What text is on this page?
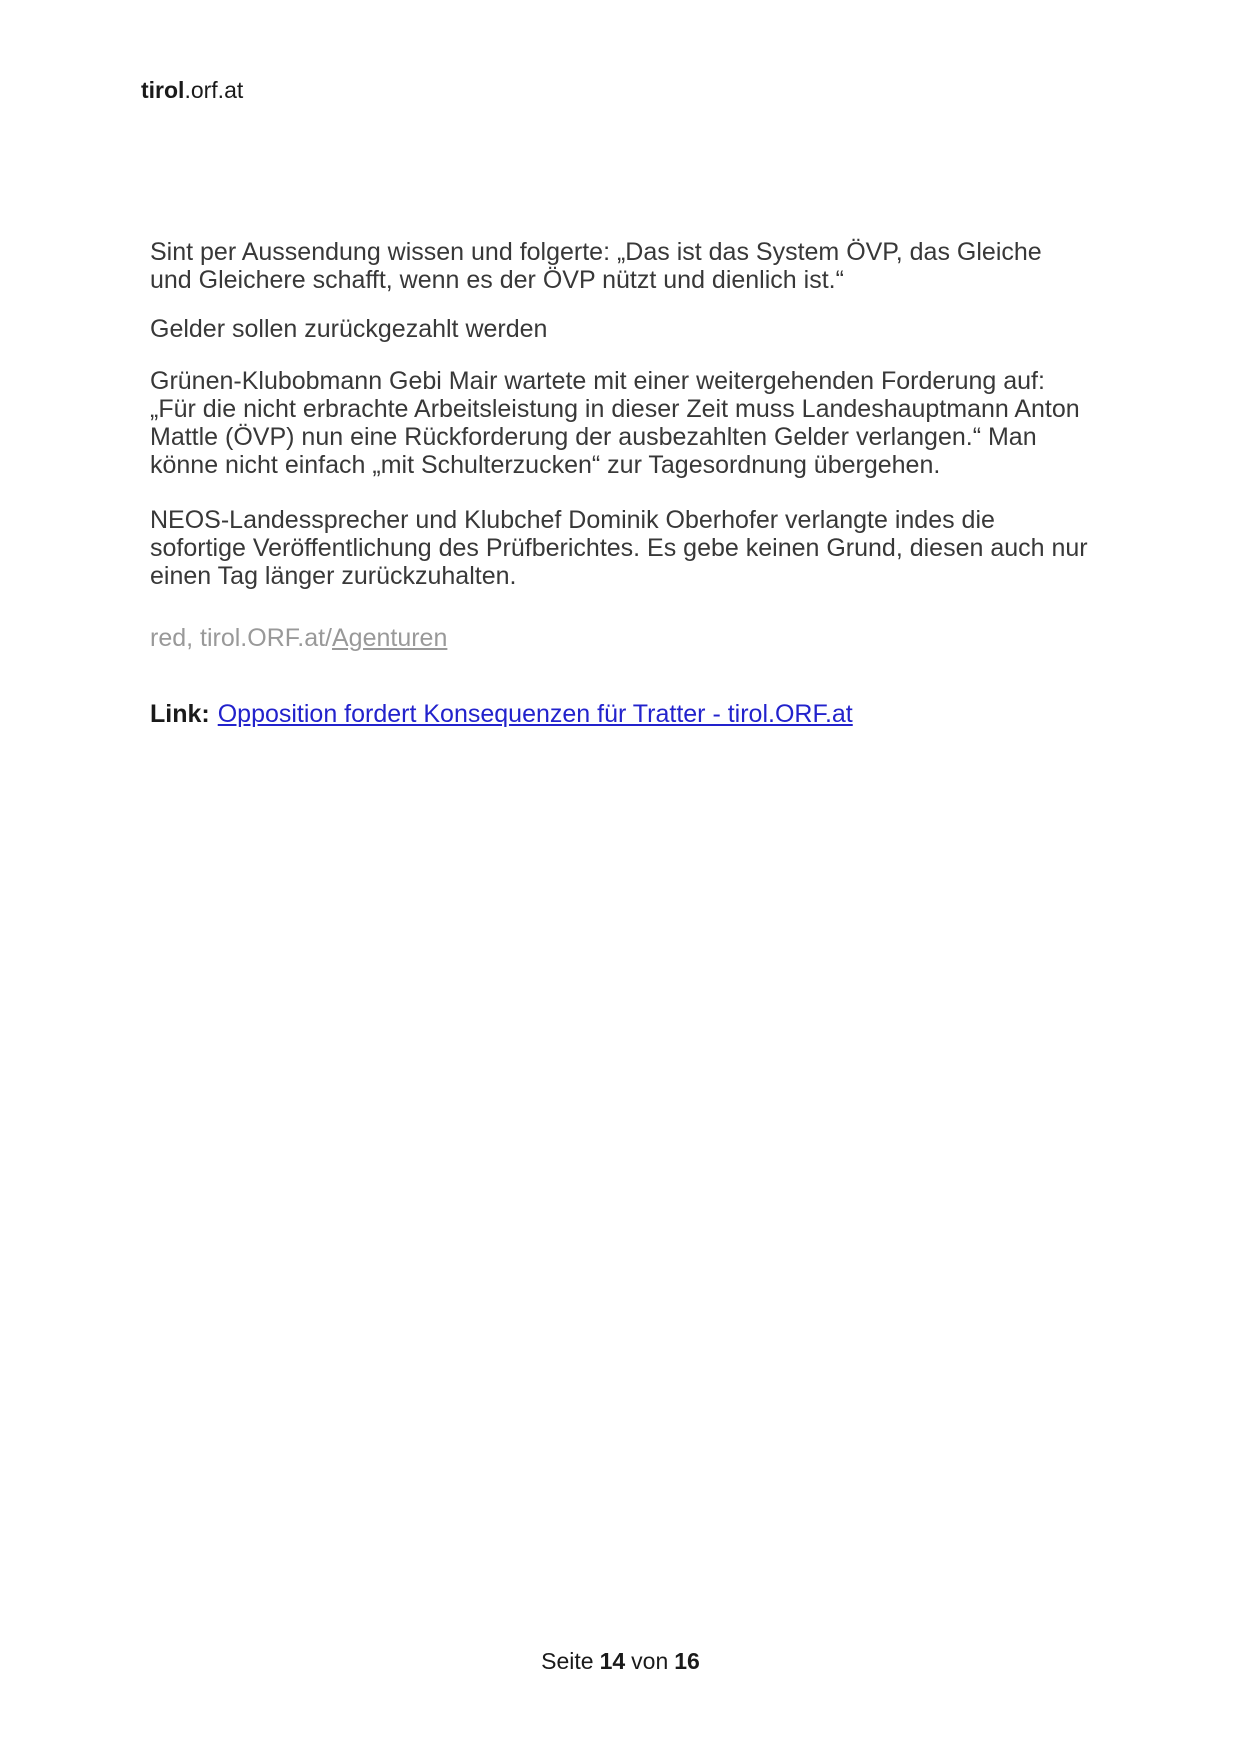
tirol.orf.at

Sint per Aussendung wissen und folgerte: „Das ist das System ÖVP, das Gleiche und Gleichere schafft, wenn es der ÖVP nützt und dienlich ist.“

Gelder sollen zurückgezahlt werden

Grünen-Klubobmann Gebi Mair wartete mit einer weitergehenden Forderung auf: „Für die nicht erbrachte Arbeitsleistung in dieser Zeit muss Landeshauptmann Anton Mattle (ÖVP) nun eine Rückforderung der ausbezahlten Gelder verlangen.“ Man könne nicht einfach „mit Schulterzucken“ zur Tagesordnung übergehen.

NEOS-Landessprecher und Klubchef Dominik Oberhofer verlangte indes die sofortige Veröffentlichung des Prüfberichtes. Es gebe keinen Grund, diesen auch nur einen Tag länger zurückzuhalten.

red, tirol.ORF.at/Agenturen

Link: Opposition fordert Konsequenzen für Tratter - tirol.ORF.at
Seite 14 von 16
